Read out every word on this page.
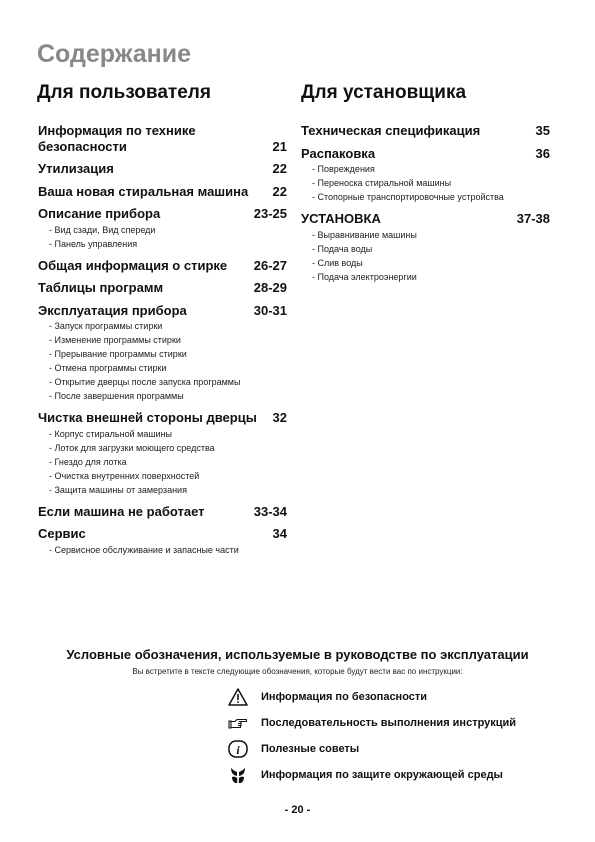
Содержание
Для пользователя	Для установщика
Информация по технике
безопасности	21
Утилизация	22
Ваша новая стиральная машина 22
Описание прибора	23-25
- Вид сзади, Вид спереди
- Панель управления
Общая информация о стирке 26-27
Таблицы программ	28-29
Эксплуатация прибора	30-31
- Запуск программы стирки
- Изменение программы стирки
- Прерывание программы стирки
- Отмена программы стирки
- Открытие дверцы после запуска программы
- После завершения программы
Чистка внешней стороны дверцы 32
- Корпус стиральной машины
- Лоток для загрузки моющего средства
- Гнездо для лотка
- Очистка внутренних поверхностей
- Защита машины от замерзания
Если машина не работает	33-34
Сервис	34
- Сервисное обслуживание и запасные части
Техническая спецификация	35
Распаковка	36
- Повреждения
- Переноска стиральной машины
- Стопорные транспортировочные устройства
УСТАНОВКА	37-38
- Выравнивание машины
- Подача воды
- Слив воды
- Подача электроэнергии

Условные обозначения, используемые в руководстве по эксплуатации

Вы встретите в тексте следующие обозначения, которые будут вести вас по инструкции:
Информация по безопасности
Последовательность выполнения инструкций
i Полезные советы
Информация по защите окружающей среды
- 20 -
